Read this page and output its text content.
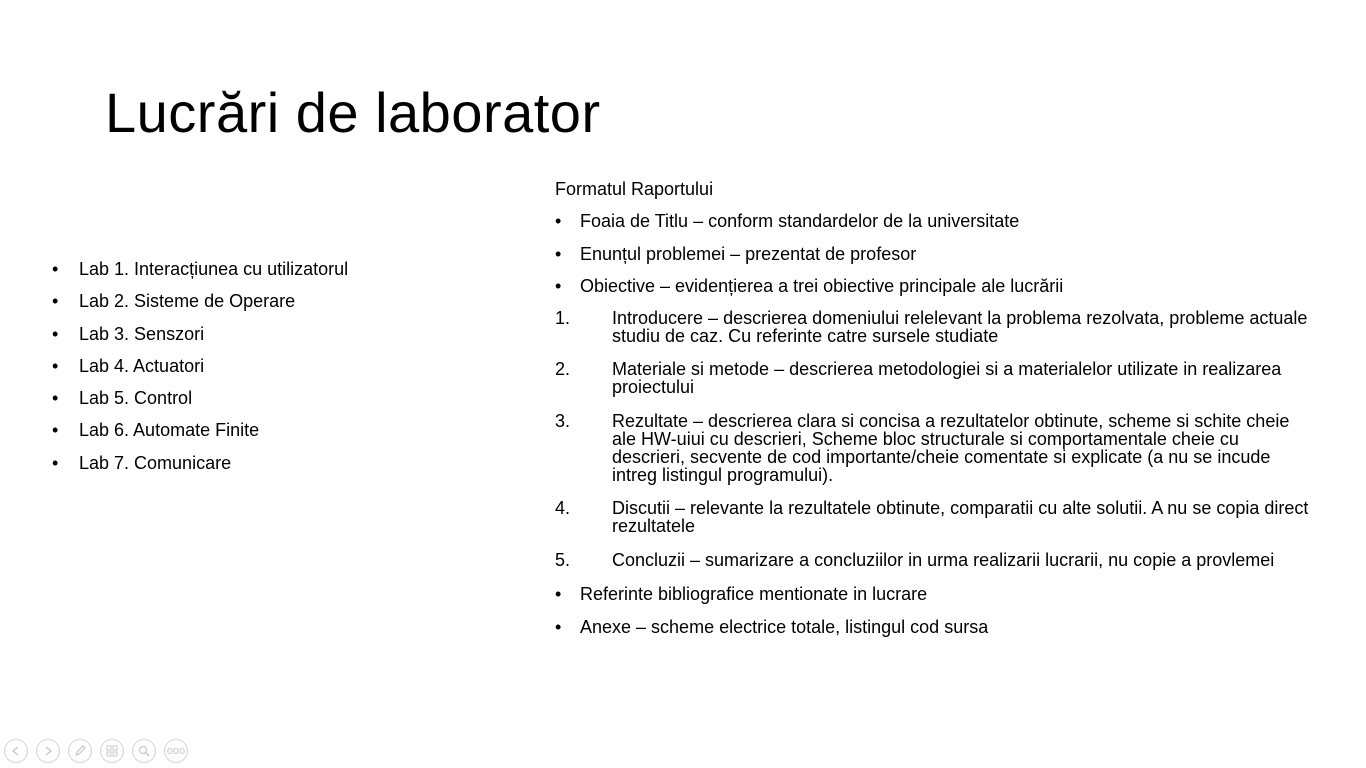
Lucrări de laborator
• Lab 1. Interacțiunea cu utilizatorul
• Lab 2. Sisteme de Operare
• Lab 3. Senszori
• Lab 4. Actuatori
• Lab 5. Control
• Lab 6. Automate Finite
• Lab 7. Comunicare
Formatul Raportului
• Foaia de Titlu – conform standardelor de la universitate
• Enunțul problemei – prezentat de profesor
• Obiective – evidențierea a trei obiective principale ale lucrării
1. Introducere – descrierea domeniului relelevant la problema rezolvata, probleme actuale studiu de caz. Cu referinte catre sursele studiate
2. Materiale si metode – descrierea metodologiei si a materialelor utilizate in realizarea proiectului
3. Rezultate – descrierea clara si concisa a rezultatelor obtinute, scheme si schite cheie ale HW-uiui cu descrieri, Scheme bloc structurale si comportamentale cheie cu descrieri, secvente de cod importante/cheie comentate si explicate (a nu se incude intreg listingul programului).
4. Discutii – relevante la rezultatele obtinute, comparatii cu alte solutii. A nu se copia direct rezultatele
5. Concluzii – sumarizare a concluziilor in urma realizarii lucrarii, nu copie a provlemei
• Referinte bibliografice mentionate in lucrare
• Anexe – scheme electrice totale, listingul cod sursa
ooo
